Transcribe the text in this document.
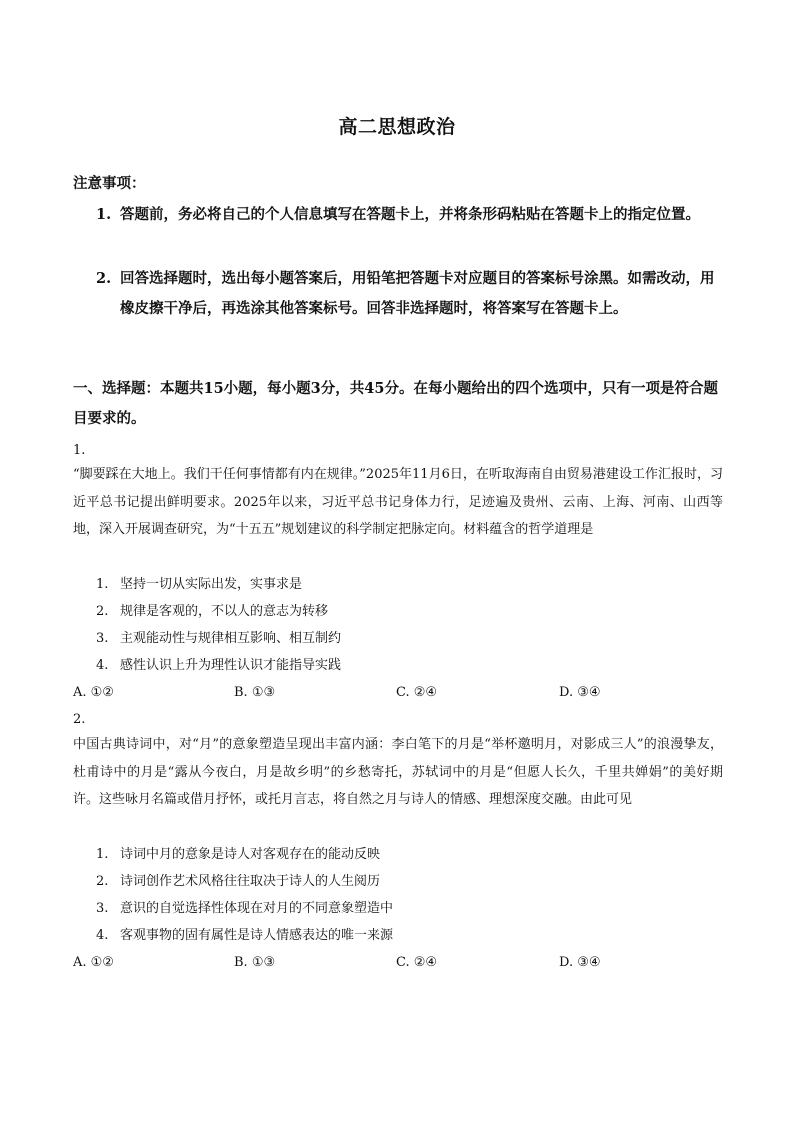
高二思想政治
注意事项：
1. 答题前，务必将自己的个人信息填写在答题卡上，并将条形码粘贴在答题卡上的指定位置。
2. 回答选择题时，选出每小题答案后，用铅笔把答题卡对应题目的答案标号涂黑。如需改动，用橡皮擦干净后，再选涂其他答案标号。回答非选择题时，将答案写在答题卡上。
一、选择题：本题共15小题，每小题3分，共45分。在每小题给出的四个选项中，只有一项是符合题目要求的。
1.
“脚要踩在大地上。我们干任何事情都有内在规律。”2025年11月6日，在听取海南自由贸易港建设工作汇报时，习近平总书记提出鲜明要求。2025年以来，习近平总书记身体力行，足迹遍及贵州、云南、上海、河南、山西等地，深入开展调查研究，为“十五五”规划建议的科学制定把脉定向。材料蕴含的哲学道理是
1. 坚持一切从实际出发，实事求是
2. 规律是客观的，不以人的意志为转移
3. 主观能动性与规律相互影响、相互制约
4. 感性认识上升为理性认识才能指导实践
A. ①②	B. ①③	C. ②④	D. ③④
2.
中国古典诗词中，对“月”的意象塑造呈现出丰富内涵：李白笔下的月是“举杯邀明月，对影成三人”的浪漫挚友，杜甫诗中的月是“露从今夜白，月是故乡明”的乡愁寄托，苏轼词中的月是“但愿人长久，千里共婵娟”的美好期许。这些咏月名篇或借月抒怀，或托月言志，将自然之月与诗人的情感、理想深度交融。由此可见
1. 诗词中月的意象是诗人对客观存在的能动反映
2. 诗词创作艺术风格往往取决于诗人的人生阅历
3. 意识的自觉选择性体现在对月的不同意象塑造中
4. 客观事物的固有属性是诗人情感表达的唯一来源
A. ①②	B. ①③	C. ②④	D. ③④
